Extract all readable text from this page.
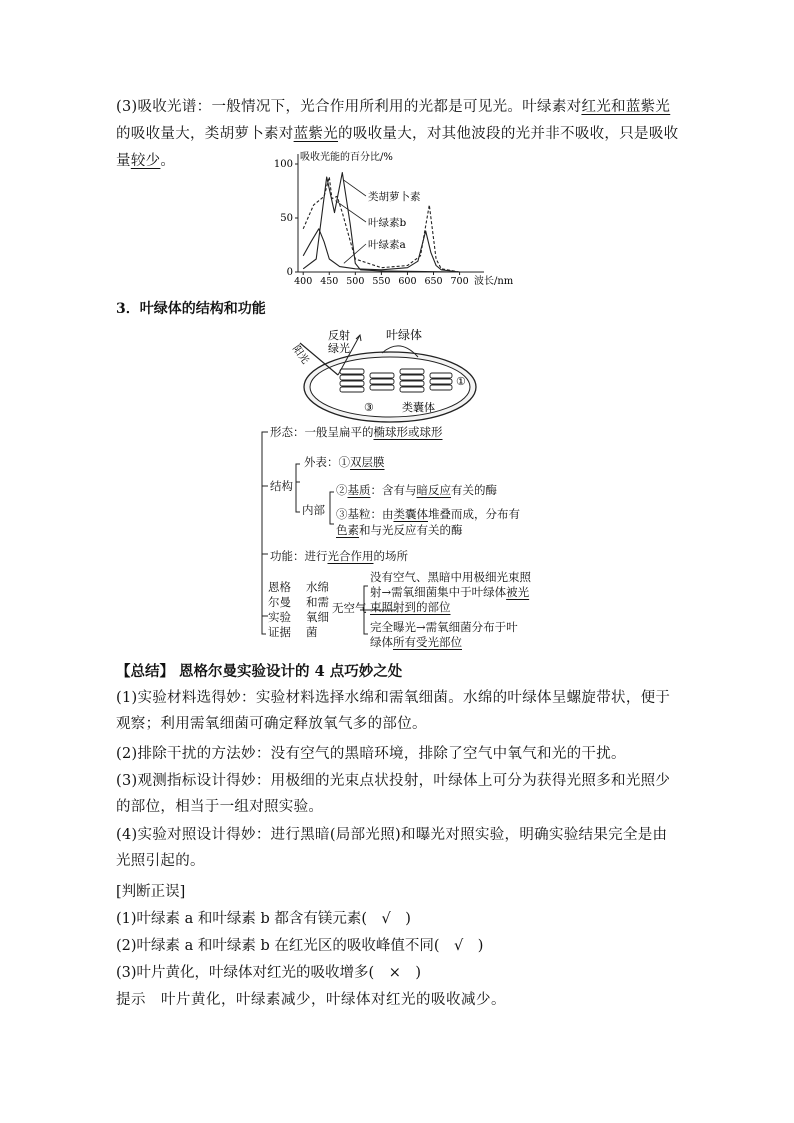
(3)吸收光谱：一般情况下，光合作用所利用的光都是可见光。叶绿素对红光和蓝紫光的吸收量大，类胡萝卜素对蓝紫光的吸收量大，对其他波段的光并非不吸收，只是吸收量较少。	吸收光能的百分比/%
波长/nm
0
50
100
400 450 500 550 600 650 700
类胡萝卜素
叶绿素b
叶绿素a
3．叶绿体的结构和功能
反射
绿光
阳光
叶绿体
①
③	类囊体
形态：一般呈扁平的椭球形或球形
结构
外表：①双层膜
内部
②基质：含有与暗反应有关的酶
③基粒：由类囊体堆叠而成，分布有
色素和与光反应有关的酶
功能：进行光合作用的场所
恩格
尔曼
实验
证据
水绵
和需
氧细
菌
无空气
没有空气、黑暗中用极细光束照
射→需氧细菌集中于叶绿体被光
束照射到的部位
完全曝光→需氧细菌分布于叶
绿体所有受光部位
【总结】 恩格尔曼实验设计的 4 点巧妙之处
(1)实验材料选得妙：实验材料选择水绵和需氧细菌。水绵的叶绿体呈螺旋带状，便于观察；利用需氧细菌可确定释放氧气多的部位。
(2)排除干扰的方法妙：没有空气的黑暗环境，排除了空气中氧气和光的干扰。
(3)观测指标设计得妙：用极细的光束点状投射，叶绿体上可分为获得光照多和光照少的部位，相当于一组对照实验。
(4)实验对照设计得妙：进行黑暗(局部光照)和曝光对照实验，明确实验结果完全是由光照引起的。
[判断正误]
(1)叶绿素 a 和叶绿素 b 都含有镁元素(　√　)
(2)叶绿素 a 和叶绿素 b 在红光区的吸收峰值不同(　√　)
(3)叶片黄化，叶绿体对红光的吸收增多(　×　)
提示　叶片黄化，叶绿素减少，叶绿体对红光的吸收减少。
